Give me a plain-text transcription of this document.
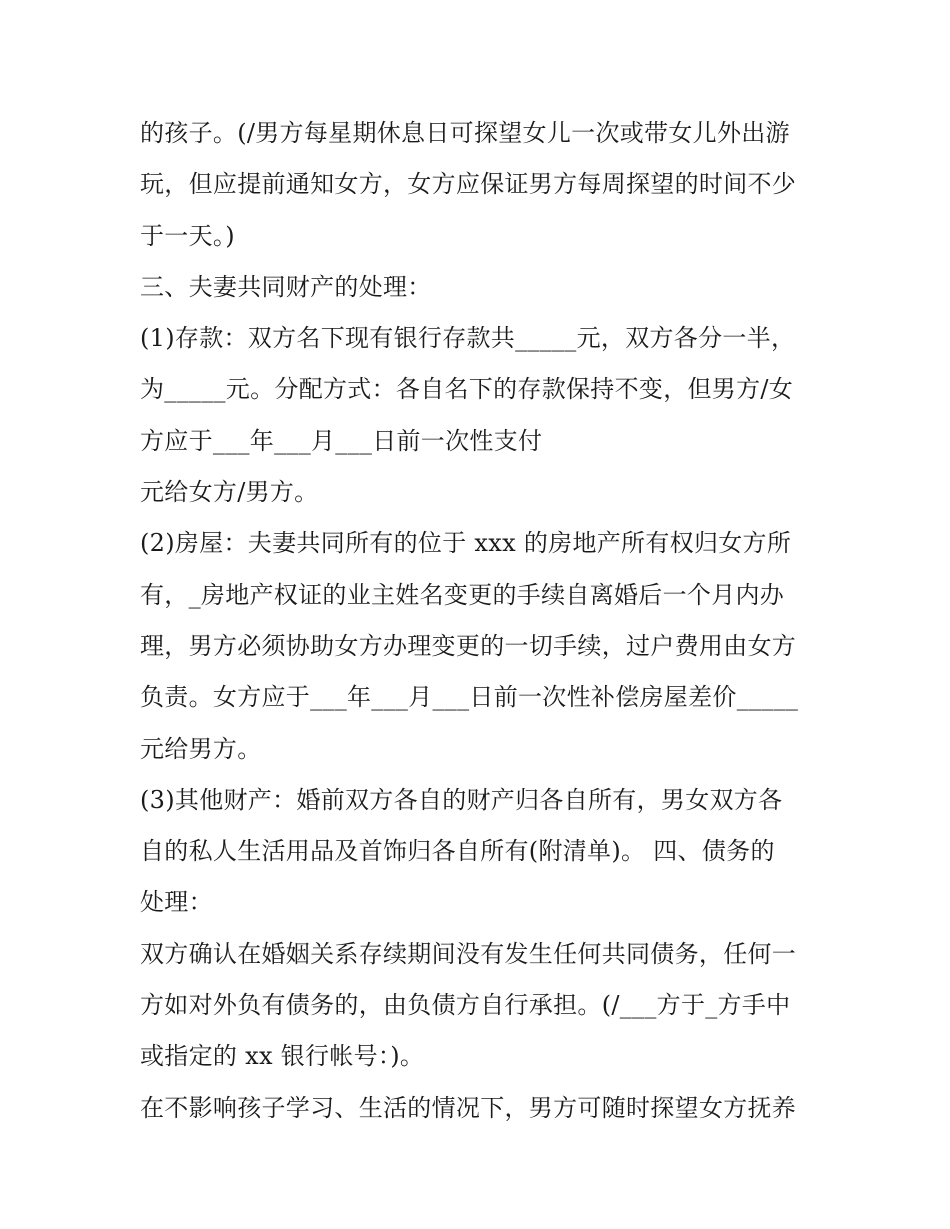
的孩子。(/男方每星期休息日可探望女儿一次或带女儿外出游
玩，但应提前通知女方，女方应保证男方每周探望的时间不少
于一天。)
三、夫妻共同财产的处理：
(1)存款：双方名下现有银行存款共_____元，双方各分一半，
为_____元。分配方式：各自名下的存款保持不变，但男方/女
方应于___年___月___日前一次性支付
元给女方/男方。
(2)房屋：夫妻共同所有的位于 xxx 的房地产所有权归女方所
有，_房地产权证的业主姓名变更的手续自离婚后一个月内办
理，男方必须协助女方办理变更的一切手续，过户费用由女方
负责。女方应于___年___月___日前一次性补偿房屋差价_____
元给男方。
(3)其他财产：婚前双方各自的财产归各自所有，男女双方各
自的私人生活用品及首饰归各自所有(附清单)。 四、债务的
处理：
双方确认在婚姻关系存续期间没有发生任何共同债务，任何一
方如对外负有债务的，由负债方自行承担。(/___方于_方手中
或指定的 xx 银行帐号：)。
在不影响孩子学习、生活的情况下，男方可随时探望女方抚养
